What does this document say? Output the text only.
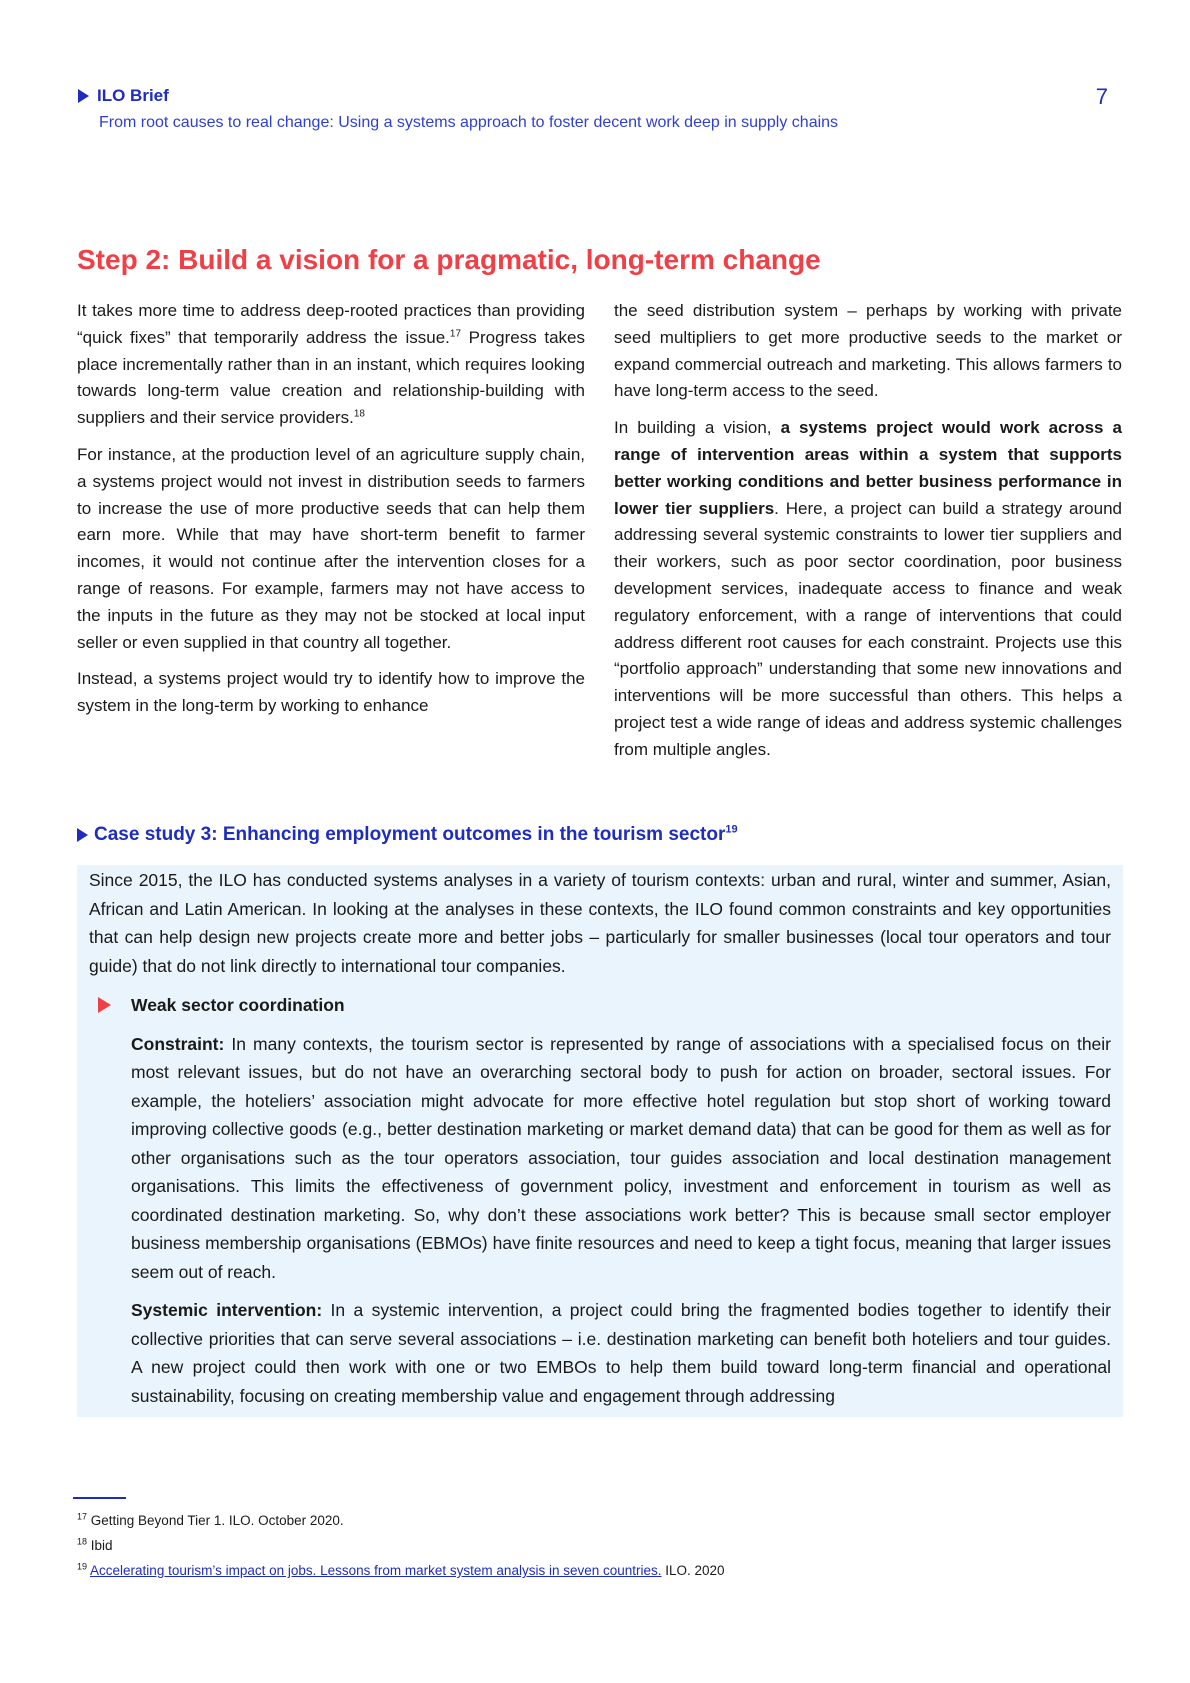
ILO Brief
From root causes to real change: Using a systems approach to foster decent work deep in supply chains
7
Step 2: Build a vision for a pragmatic, long-term change

It takes more time to address deep-rooted practices than providing “quick fixes” that temporarily address the issue.$^{17}$ Progress takes place incrementally rather than in an instant, which requires looking towards long-term value creation and relationship-building with suppliers and their service providers.$^{18}$

For instance, at the production level of an agriculture supply chain, a systems project would not invest in distribution seeds to farmers to increase the use of more productive seeds that can help them earn more. While that may have short-term benefit to farmer incomes, it would not continue after the intervention closes for a range of reasons. For example, farmers may not have access to the inputs in the future as they may not be stocked at local input seller or even supplied in that country all together.

Instead, a systems project would try to identify how to improve the system in the long-term by working to enhance

the seed distribution system – perhaps by working with private seed multipliers to get more productive seeds to the market or expand commercial outreach and marketing. This allows farmers to have long-term access to the seed.

In building a vision, a systems project would work across a range of intervention areas within a system that supports better working conditions and better business performance in lower tier suppliers. Here, a project can build a strategy around addressing several systemic constraints to lower tier suppliers and their workers, such as poor sector coordination, poor business development services, inadequate access to finance and weak regulatory enforcement, with a range of interventions that could address different root causes for each constraint. Projects use this “portfolio approach” understanding that some new innovations and interventions will be more successful than others. This helps a project test a wide range of ideas and address systemic challenges from multiple angles.

Case study 3: Enhancing employment outcomes in the tourism sector$^{19}$

Since 2015, the ILO has conducted systems analyses in a variety of tourism contexts: urban and rural, winter and summer, Asian, African and Latin American. In looking at the analyses in these contexts, the ILO found common constraints and key opportunities that can help design new projects create more and better jobs – particularly for smaller businesses (local tour operators and tour guide) that do not link directly to international tour companies.

Weak sector coordination

Constraint: In many contexts, the tourism sector is represented by range of associations with a specialised focus on their most relevant issues, but do not have an overarching sectoral body to push for action on broader, sectoral issues. For example, the hoteliers’ association might advocate for more effective hotel regulation but stop short of working toward improving collective goods (e.g., better destination marketing or market demand data) that can be good for them as well as for other organisations such as the tour operators association, tour guides association and local destination management organisations. This limits the effectiveness of government policy, investment and enforcement in tourism as well as coordinated destination marketing. So, why don’t these associations work better? This is because small sector employer business membership organisations (EBMOs) have finite resources and need to keep a tight focus, meaning that larger issues seem out of reach.

Systemic intervention: In a systemic intervention, a project could bring the fragmented bodies together to identify their collective priorities that can serve several associations – i.e. destination marketing can benefit both hoteliers and tour guides. A new project could then work with one or two EMBOs to help them build toward long-term financial and operational sustainability, focusing on creating membership value and engagement through addressing

$^{17}$ Getting Beyond Tier 1. ILO. October 2020.
$^{18}$ Ibid
$^{19}$ Accelerating tourism’s impact on jobs. Lessons from market system analysis in seven countries. ILO. 2020
